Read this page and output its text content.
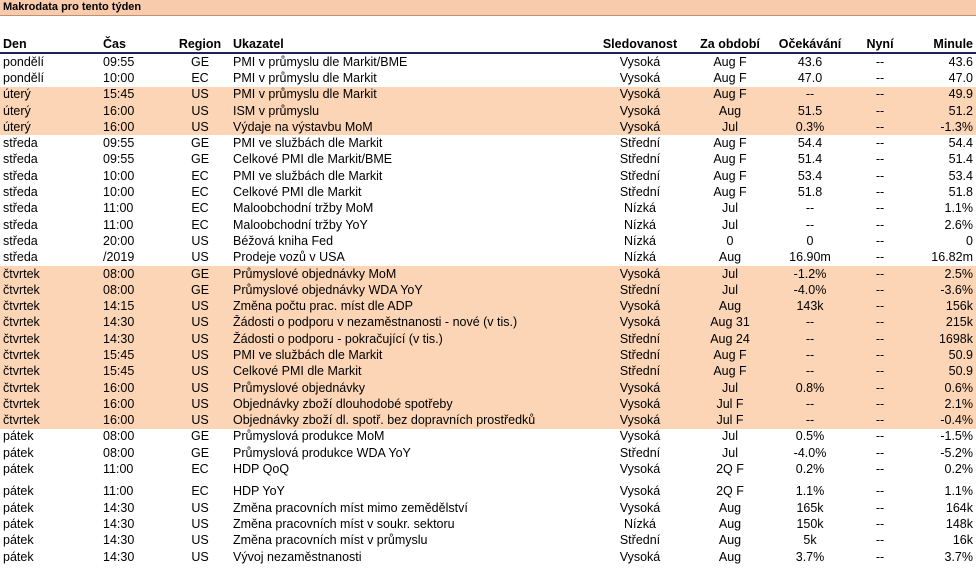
Makrodata pro tento týden
Den	Čas	Region	Ukazatel	Sledovanost	Za období	Očekávání	Nyní	Minule
pondělí	09:55	GE	PMI v průmyslu dle Markit/BME	Vysoká	Aug F	43.6	--	43.6
pondělí	10:00	EC	PMI v průmyslu dle Markit	Vysoká	Aug F	47.0	--	47.0
úterý	15:45	US	PMI v průmyslu dle Markit	Vysoká	Aug F	--	--	49.9
úterý	16:00	US	ISM v průmyslu	Vysoká	Aug	51.5	--	51.2
úterý	16:00	US	Výdaje na výstavbu MoM	Vysoká	Jul	0.3%	--	-1.3%
středa	09:55	GE	PMI ve službách dle Markit	Střední	Aug F	54.4	--	54.4
středa	09:55	GE	Celkové PMI dle Markit/BME	Střední	Aug F	51.4	--	51.4
středa	10:00	EC	PMI ve službách dle Markit	Střední	Aug F	53.4	--	53.4
středa	10:00	EC	Celkové PMI dle Markit	Střední	Aug F	51.8	--	51.8
středa	11:00	EC	Maloobchodní tržby MoM	Nízká	Jul	--	--	1.1%
středa	11:00	EC	Maloobchodní tržby YoY	Nízká	Jul	--	--	2.6%
středa	20:00	US	Béžová kniha Fed	Nízká	0	0	--	0
středa	/2019	US	Prodeje vozů v USA	Nízká	Aug	16.90m	--	16.82m
čtvrtek	08:00	GE	Průmyslové objednávky MoM	Vysoká	Jul	-1.2%	--	2.5%
čtvrtek	08:00	GE	Průmyslové objednávky WDA YoY	Střední	Jul	-4.0%	--	-3.6%
čtvrtek	14:15	US	Změna počtu prac. míst dle ADP	Vysoká	Aug	143k	--	156k
čtvrtek	14:30	US	Žádosti o podporu v nezaměstnanosti - nové (v tis.)	Vysoká	Aug 31	--	--	215k
čtvrtek	14:30	US	Žádosti o podporu - pokračující (v tis.)	Střední	Aug 24	--	--	1698k
čtvrtek	15:45	US	PMI ve službách dle Markit	Střední	Aug F	--	--	50.9
čtvrtek	15:45	US	Celkové PMI dle Markit	Střední	Aug F	--	--	50.9
čtvrtek	16:00	US	Průmyslové objednávky	Vysoká	Jul	0.8%	--	0.6%
čtvrtek	16:00	US	Objednávky zboží dlouhodobé spotřeby	Vysoká	Jul F	--	--	2.1%
čtvrtek	16:00	US	Objednávky zboží dl. spotř. bez dopravních prostředků	Vysoká	Jul F	--	--	-0.4%
pátek	08:00	GE	Průmyslová produkce MoM	Vysoká	Jul	0.5%	--	-1.5%
pátek	08:00	GE	Průmyslová produkce WDA YoY	Střední	Jul	-4.0%	--	-5.2%
pátek	11:00	EC	HDP QoQ	Vysoká	2Q F	0.2%	--	0.2%
pátek	11:00	EC	HDP YoY	Vysoká	2Q F	1.1%	--	1.1%
pátek	14:30	US	Změna pracovních míst mimo zemědělství	Vysoká	Aug	165k	--	164k
pátek	14:30	US	Změna pracovních míst v soukr. sektoru	Nízká	Aug	150k	--	148k
pátek	14:30	US	Změna pracovních míst v průmyslu	Střední	Aug	5k	--	16k
pátek	14:30	US	Vývoj nezaměstnanosti	Vysoká	Aug	3.7%	--	3.7%
